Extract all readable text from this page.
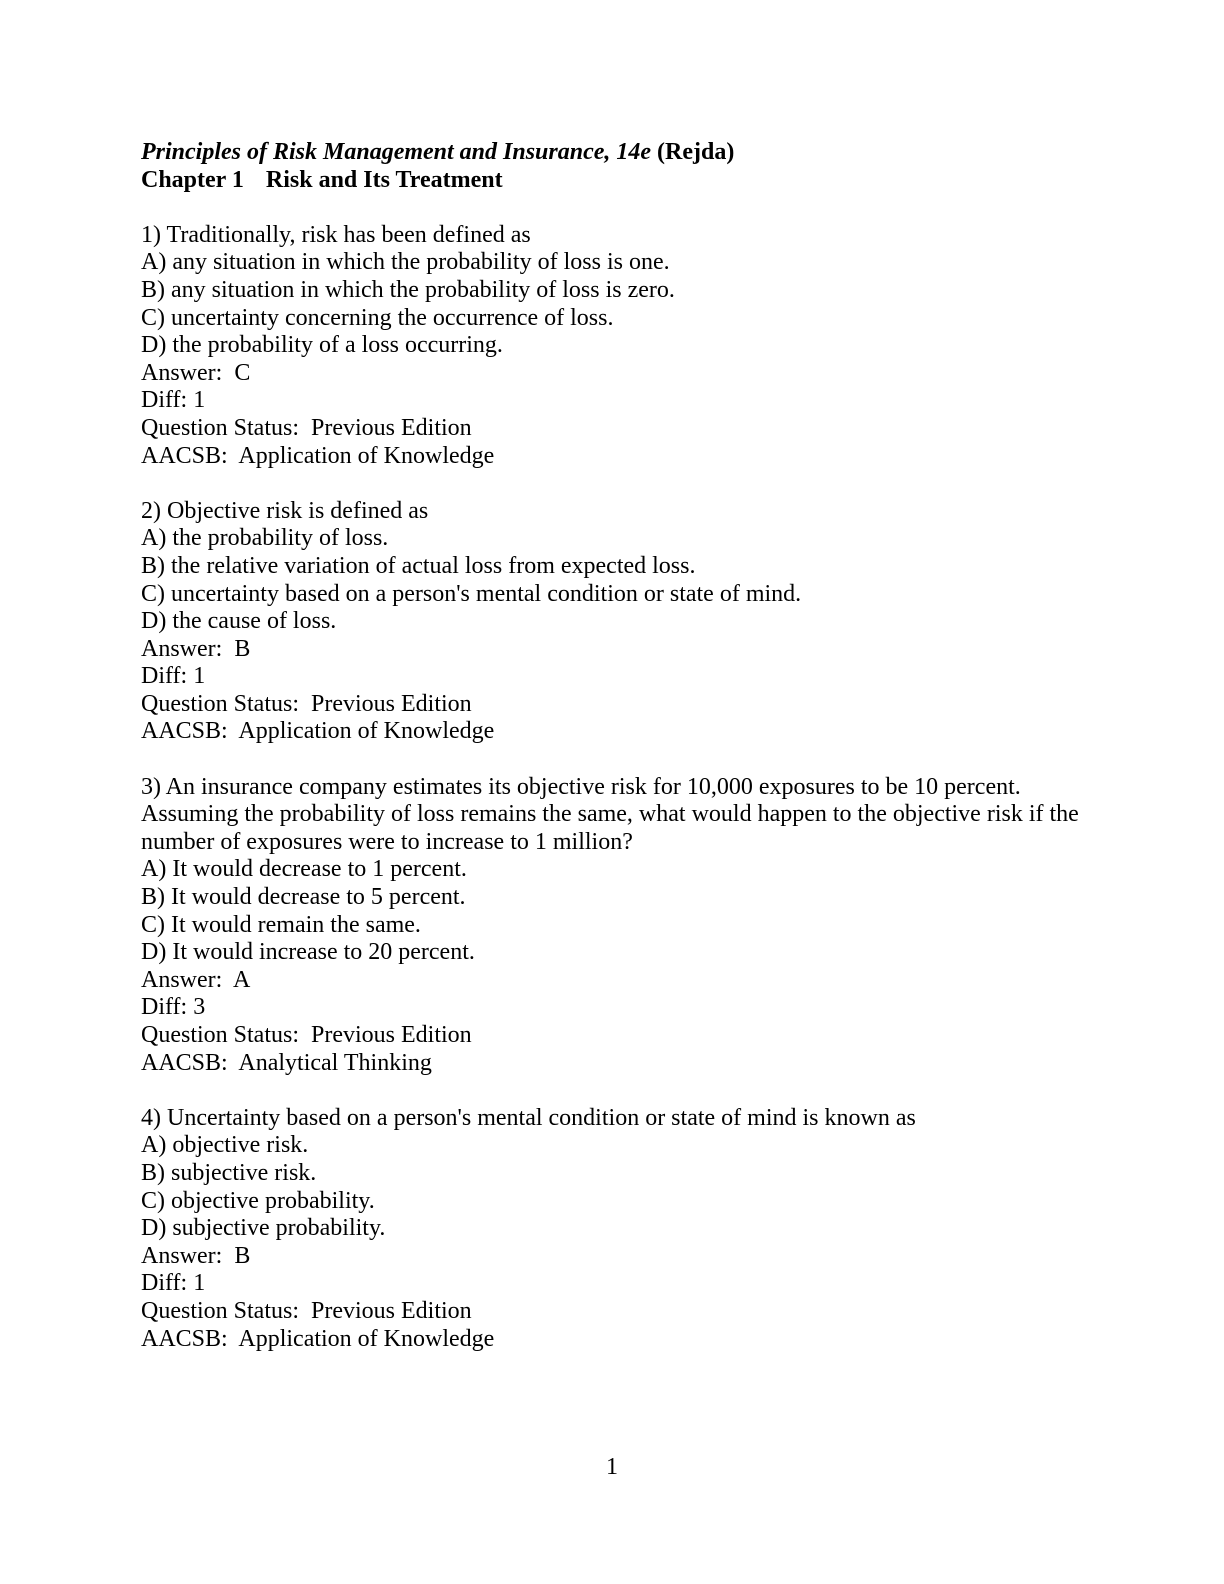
Principles of Risk Management and Insurance, 14e (Rejda)
Chapter 1 Risk and Its Treatment
1) Traditionally, risk has been defined as
A) any situation in which the probability of loss is one.
B) any situation in which the probability of loss is zero.
C) uncertainty concerning the occurrence of loss.
D) the probability of a loss occurring.
Answer:  C
Diff: 1
Question Status:  Previous Edition
AACSB:  Application of Knowledge
2) Objective risk is defined as
A) the probability of loss.
B) the relative variation of actual loss from expected loss.
C) uncertainty based on a person's mental condition or state of mind.
D) the cause of loss.
Answer:  B
Diff: 1
Question Status:  Previous Edition
AACSB:  Application of Knowledge
3) An insurance company estimates its objective risk for 10,000 exposures to be 10 percent. Assuming the probability of loss remains the same, what would happen to the objective risk if the number of exposures were to increase to 1 million?
A) It would decrease to 1 percent.
B) It would decrease to 5 percent.
C) It would remain the same.
D) It would increase to 20 percent.
Answer:  A
Diff: 3
Question Status:  Previous Edition
AACSB:  Analytical Thinking
4) Uncertainty based on a person's mental condition or state of mind is known as
A) objective risk.
B) subjective risk.
C) objective probability.
D) subjective probability.
Answer:  B
Diff: 1
Question Status:  Previous Edition
AACSB:  Application of Knowledge
1
